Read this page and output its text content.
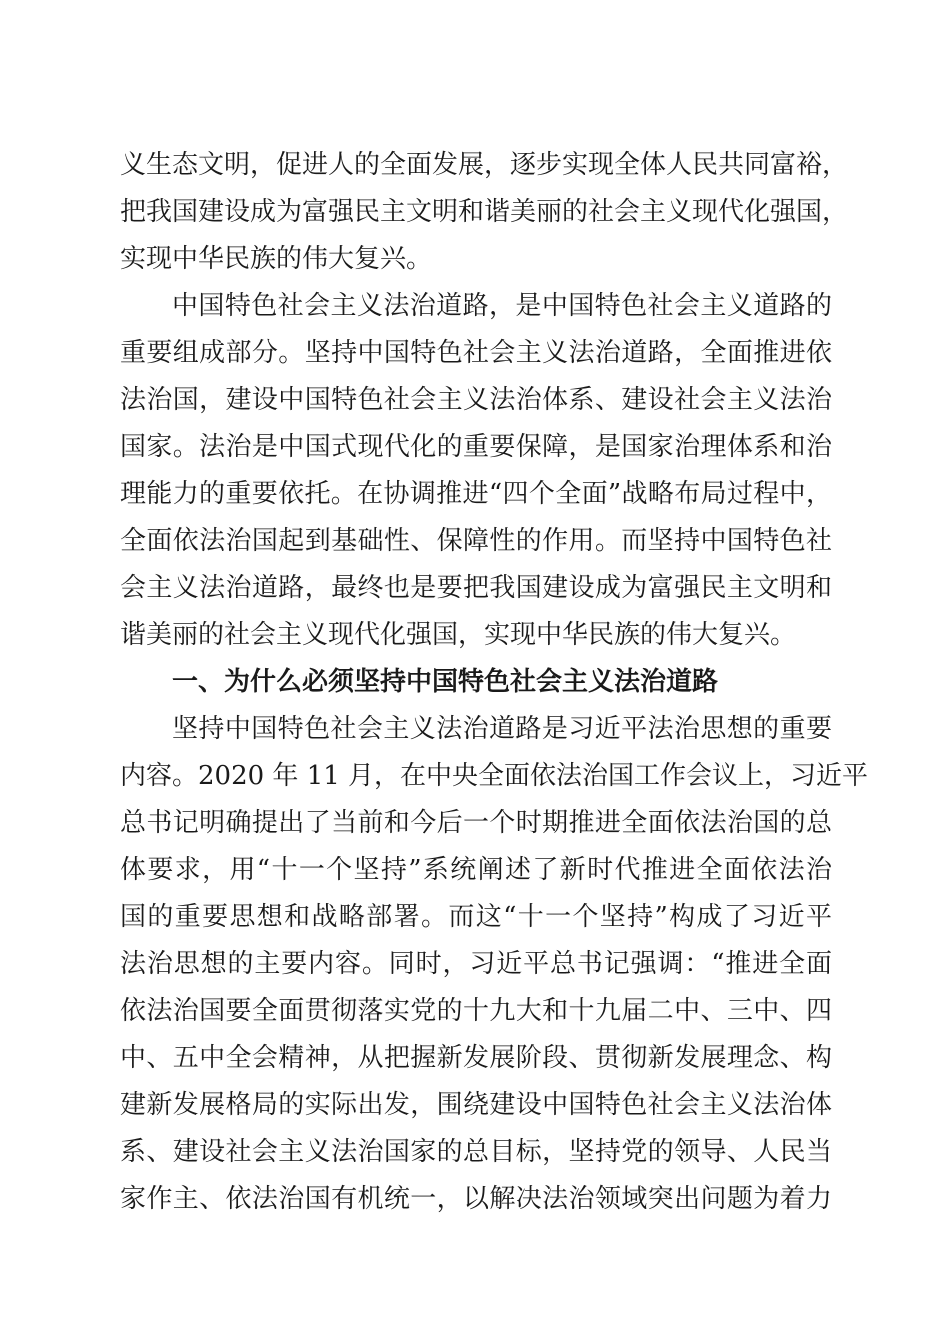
义生态文明，促进人的全面发展，逐步实现全体人民共同富裕，
把我国建设成为富强民主文明和谐美丽的社会主义现代化强国，
实现中华民族的伟大复兴。
中国特色社会主义法治道路，是中国特色社会主义道路的
重要组成部分。坚持中国特色社会主义法治道路，全面推进依
法治国，建设中国特色社会主义法治体系、建设社会主义法治
国家。法治是中国式现代化的重要保障，是国家治理体系和治
理能力的重要依托。在协调推进“四个全面”战略布局过程中，
全面依法治国起到基础性、保障性的作用。而坚持中国特色社
会主义法治道路，最终也是要把我国建设成为富强民主文明和
谐美丽的社会主义现代化强国，实现中华民族的伟大复兴。
一、为什么必须坚持中国特色社会主义法治道路
坚持中国特色社会主义法治道路是习近平法治思想的重要
内容。2020 年 11 月，在中央全面依法治国工作会议上，习近平
总书记明确提出了当前和今后一个时期推进全面依法治国的总
体要求，用“十一个坚持”系统阐述了新时代推进全面依法治
国的重要思想和战略部署。而这“十一个坚持”构成了习近平
法治思想的主要内容。同时，习近平总书记强调：“推进全面
依法治国要全面贯彻落实党的十九大和十九届二中、三中、四
中、五中全会精神，从把握新发展阶段、贯彻新发展理念、构
建新发展格局的实际出发，围绕建设中国特色社会主义法治体
系、建设社会主义法治国家的总目标，坚持党的领导、人民当
家作主、依法治国有机统一，以解决法治领域突出问题为着力
